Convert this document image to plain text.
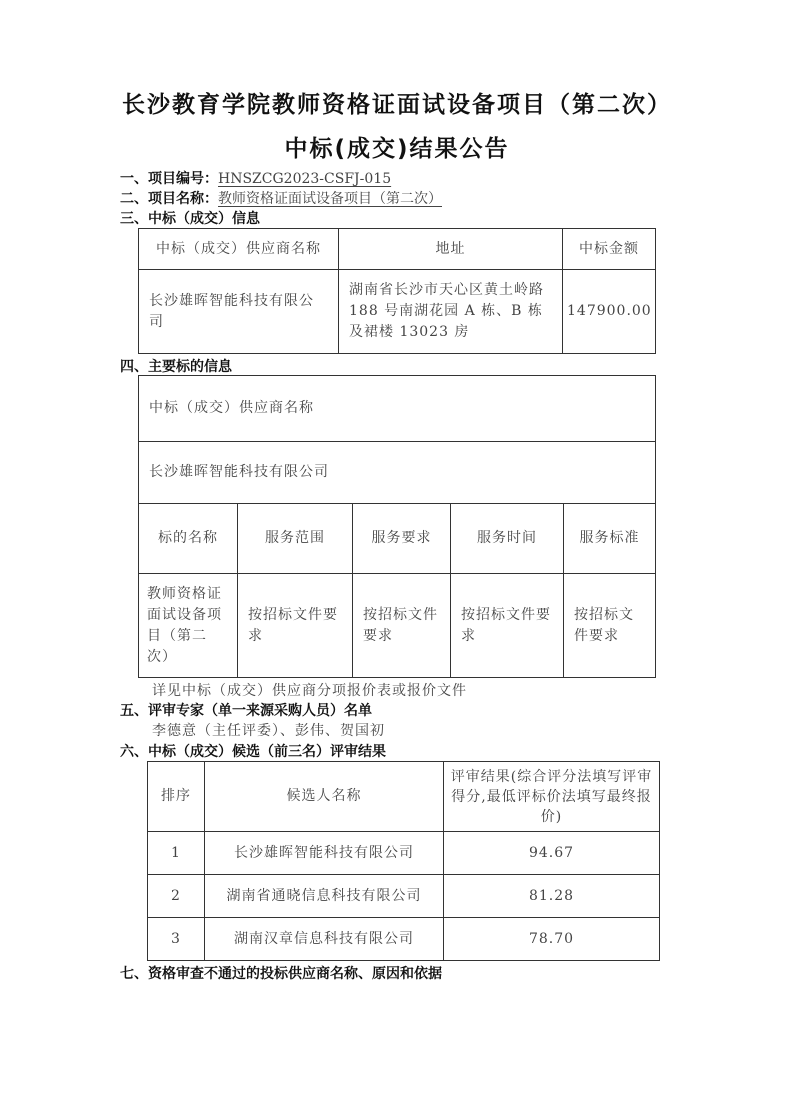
长沙教育学院教师资格证面试设备项目（第二次）
中标(成交)结果公告
一、项目编号：HNSZCG2023-CSFJ-015
二、项目名称：教师资格证面试设备项目（第二次）
三、中标（成交）信息
中标（成交）供应商名称	地址	中标金额
长沙雄晖智能科技有限公司	湖南省长沙市天心区黄土岭路 188 号南湖花园 A 栋、B 栋及裙楼 13023 房	147900.00
四、主要标的信息
中标（成交）供应商名称				
长沙雄晖智能科技有限公司				
标的名称	服务范围	服务要求	服务时间	服务标准
教师资格证面试设备项目（第二次）	按招标文件要求	按招标文件要求	按招标文件要求	按招标文件要求
详见中标（成交）供应商分项报价表或报价文件
五、评审专家（单一来源采购人员）名单
李德意（主任评委）、彭伟、贺国初
六、中标（成交）候选（前三名）评审结果
排序	候选人名称	评审结果(综合评分法填写评审得分,最低评标价法填写最终报价)
1	长沙雄晖智能科技有限公司	94.67
2	湖南省通晓信息科技有限公司	81.28
3	湖南汉章信息科技有限公司	78.70
七、资格审查不通过的投标供应商名称、原因和依据
